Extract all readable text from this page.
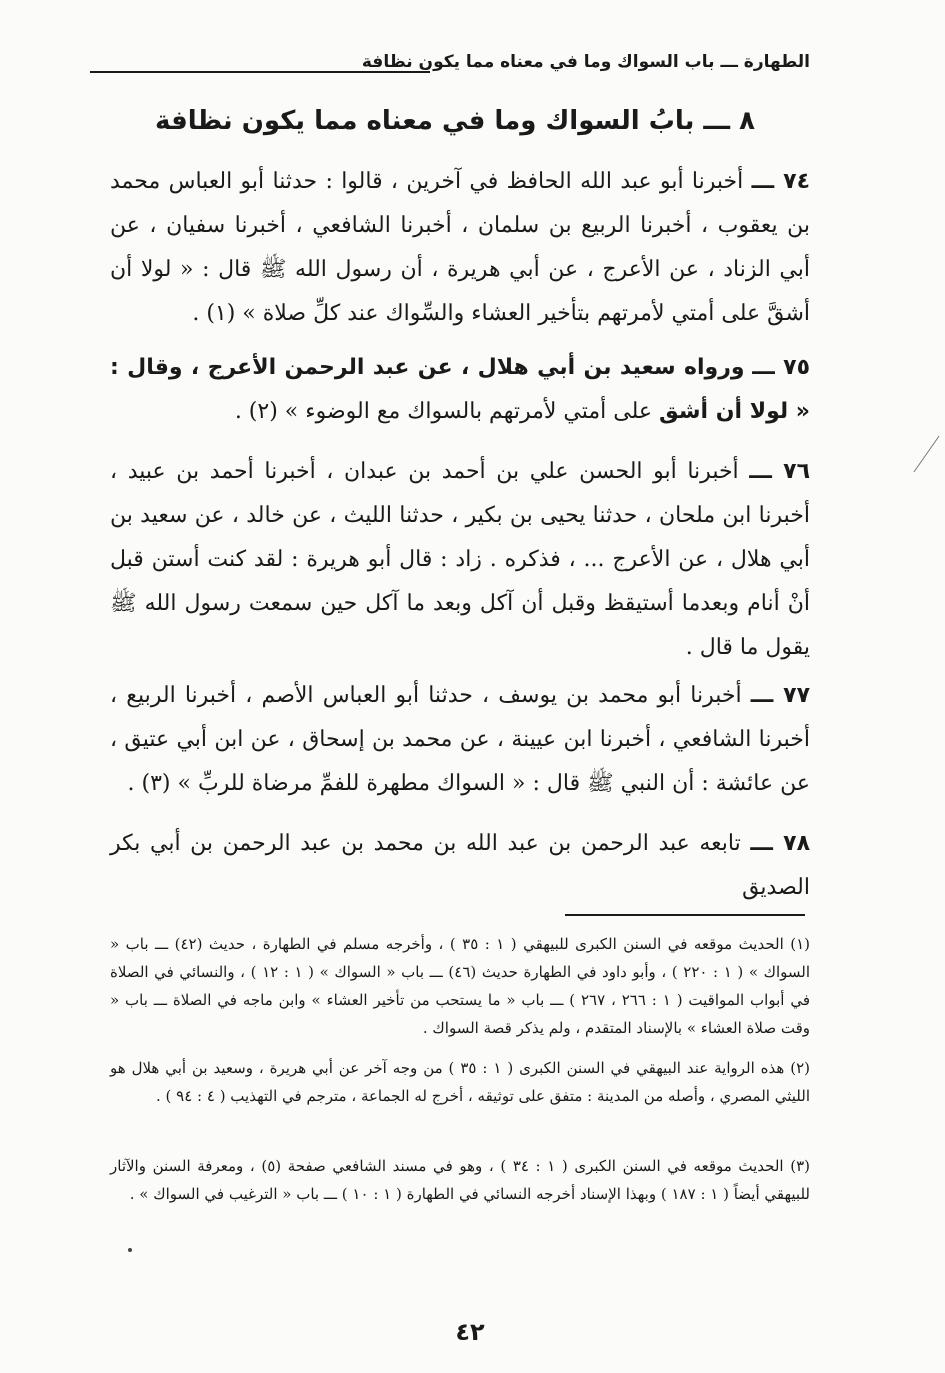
الطهارة ـــ باب السواك وما في معناه مما يكون نظافة
٨ ـــ بابُ السواك وما في معناه مما يكون نظافة
٧٤ ـــ أخبرنا أبو عبد الله الحافظ في آخرين ، قالوا : حدثنا أبو العباس محمد بن يعقوب ، أخبرنا الربيع بن سلمان ، أخبرنا الشافعي ، أخبرنا سفيان ، عن أبي الزناد ، عن الأعرج ، عن أبي هريرة ، أن رسول الله ﷺ قال : « لولا أن أشقَّ على أمتي لأمرتهم بتأخير العشاء والسِّواك عند كلِّ صلاة » (١) .
٧٥ ـــ ورواه سعيد بن أبي هلال ، عن عبد الرحمن الأعرج ، وقال : « لولا أن أشق على أمتي لأمرتهم بالسواك مع الوضوء » (٢) .
٧٦ ـــ أخبرنا أبو الحسن علي بن أحمد بن عبدان ، أخبرنا أحمد بن عبيد ، أخبرنا ابن ملحان ، حدثنا يحيى بن بكير ، حدثنا الليث ، عن خالد ، عن سعيد بن أبي هلال ، عن الأعرج ... ، فذكره . زاد : قال أبو هريرة : لقد كنت أستن قبل أنْ أنام وبعدما أستيقظ وقبل أن آكل وبعد ما آكل حين سمعت رسول الله ﷺ يقول ما قال .
٧٧ ـــ أخبرنا أبو محمد بن يوسف ، حدثنا أبو العباس الأصم ، أخبرنا الربيع ، أخبرنا الشافعي ، أخبرنا ابن عيينة ، عن محمد بن إسحاق ، عن ابن أبي عتيق ، عن عائشة : أن النبي ﷺ قال : « السواك مطهرة للفمِّ مرضاة للربِّ » (٣) .
٧٨ ـــ تابعه عبد الرحمن بن عبد الله بن محمد بن عبد الرحمن بن أبي بكر الصديق
(١) الحديث موقعه في السنن الكبرى للبيهقي ( ١ : ٣٥ ) ، وأخرجه مسلم في الطهارة ، حديث (٤٢) ـــ باب « السواك » ( ١ : ٢٢٠ ) ، وأبو داود في الطهارة حديث (٤٦) ـــ باب « السواك » ( ١ : ١٢ ) ، والنسائي في الصلاة في أبواب المواقيت ( ١ : ٢٦٦ ، ٢٦٧ ) ـــ باب « ما يستحب من تأخير العشاء » وابن ماجه في الصلاة ـــ باب « وقت صلاة العشاء » بالإسناد المتقدم ، ولم يذكر قصة السواك .
(٢) هذه الرواية عند البيهقي في السنن الكبرى ( ١ : ٣٥ ) من وجه آخر عن أبي هريرة ، وسعيد بن أبي هلال هو الليثي المصري ، وأصله من المدينة : متفق على توثيقه ، أخرج له الجماعة ، مترجم في التهذيب ( ٤ : ٩٤ ) .
(٣) الحديث موقعه في السنن الكبرى ( ١ : ٣٤ ) ، وهو في مسند الشافعي صفحة (٥) ، ومعرفة السنن والآثار للبيهقي أيضاً ( ١ : ١٨٧ ) وبهذا الإسناد أخرجه النسائي في الطهارة ( ١ : ١٠ ) ـــ باب « الترغيب في السواك » .
٤٢
